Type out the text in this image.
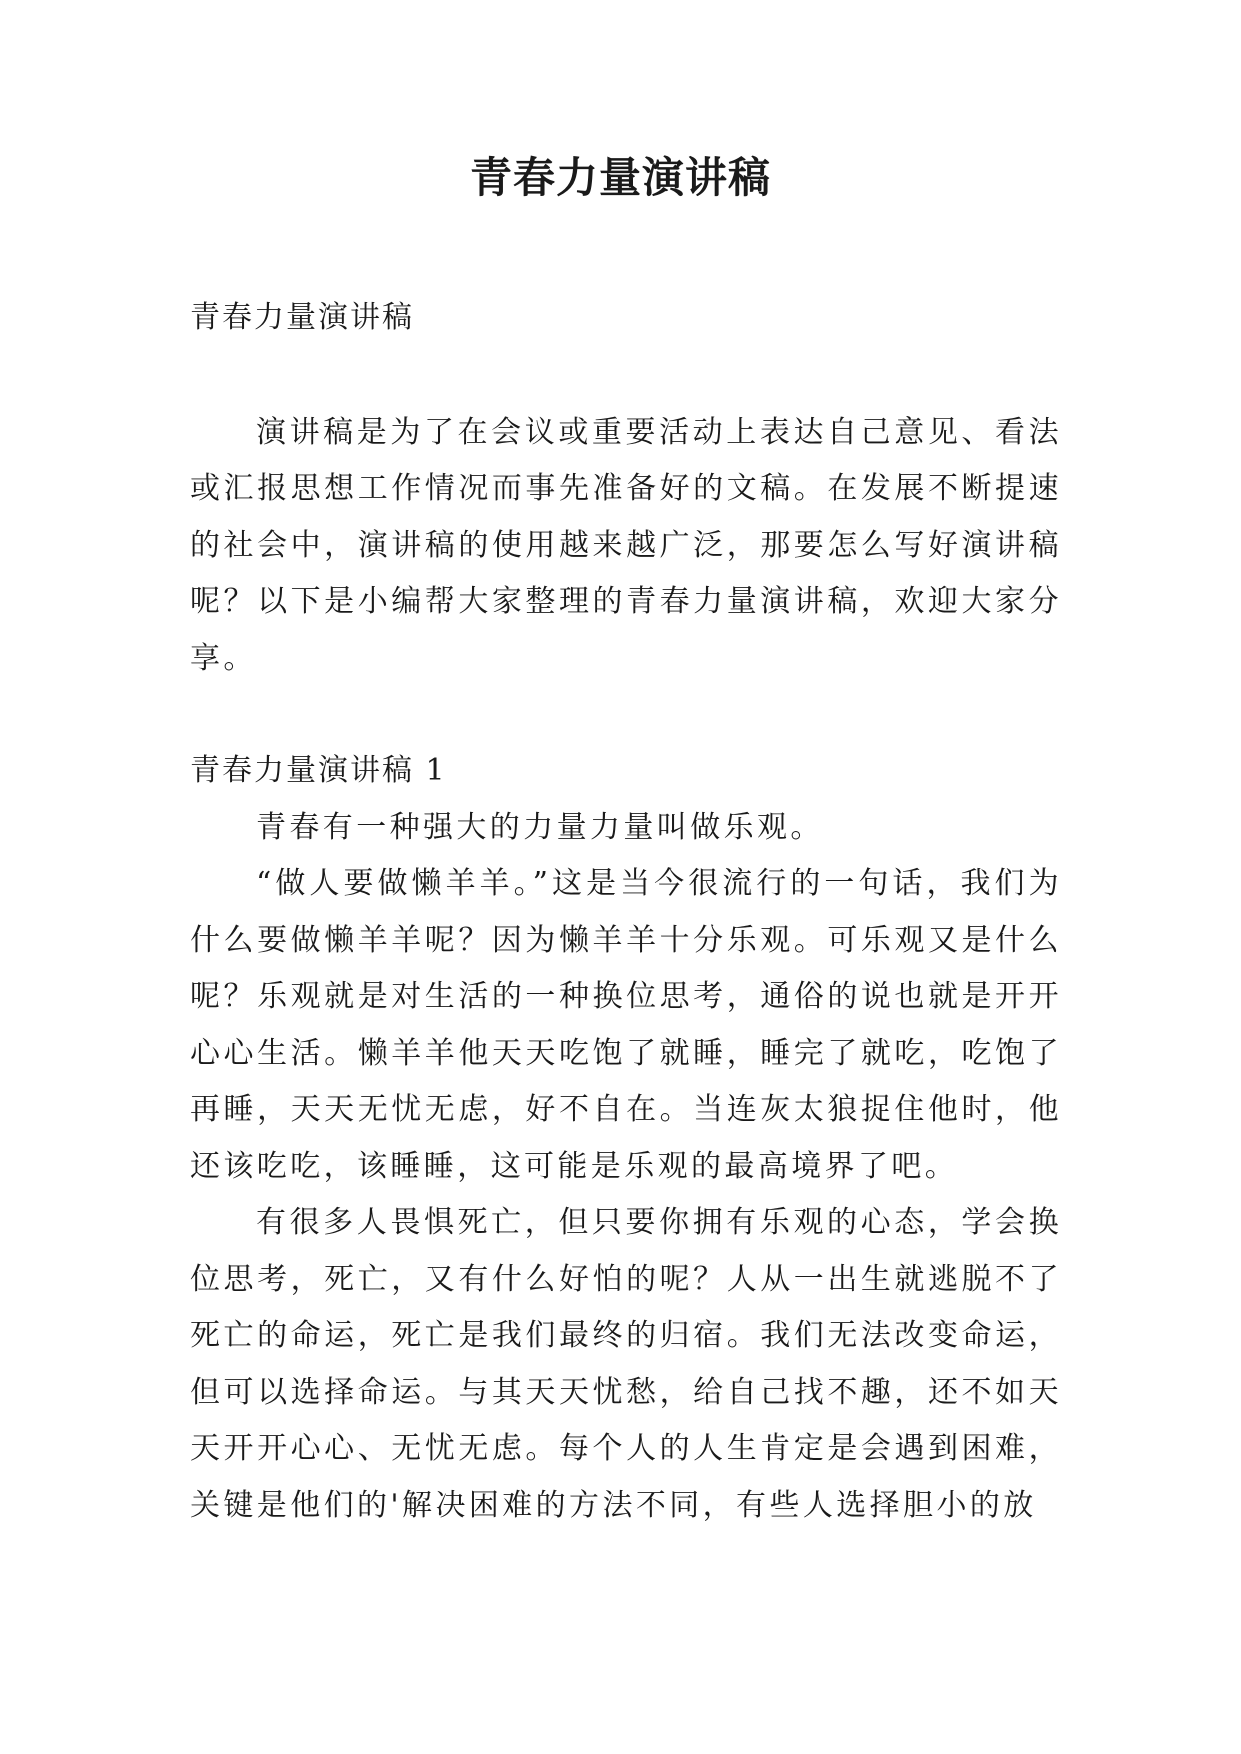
青春力量演讲稿

青春力量演讲稿

演讲稿是为了在会议或重要活动上表达自己意见、看法或汇报思想工作情况而事先准备好的文稿。在发展不断提速的社会中，演讲稿的使用越来越广泛，那要怎么写好演讲稿呢？以下是小编帮大家整理的青春力量演讲稿，欢迎大家分享。

青春力量演讲稿 1

青春有一种强大的力量力量叫做乐观。

“做人要做懒羊羊。”这是当今很流行的一句话，我们为什么要做懒羊羊呢？因为懒羊羊十分乐观。可乐观又是什么呢？乐观就是对生活的一种换位思考，通俗的说也就是开开心心生活。懒羊羊他天天吃饱了就睡，睡完了就吃，吃饱了再睡，天天无忧无虑，好不自在。当连灰太狼捉住他时，他还该吃吃，该睡睡，这可能是乐观的最高境界了吧。

有很多人畏惧死亡，但只要你拥有乐观的心态，学会换位思考，死亡，又有什么好怕的呢？人从一出生就逃脱不了死亡的命运，死亡是我们最终的归宿。我们无法改变命运，但可以选择命运。与其天天忧愁，给自己找不趣，还不如天天开开心心、无忧无虑。每个人的人生肯定是会遇到困难，关键是他们的'解决困难的方法不同，有些人选择胆小的放
